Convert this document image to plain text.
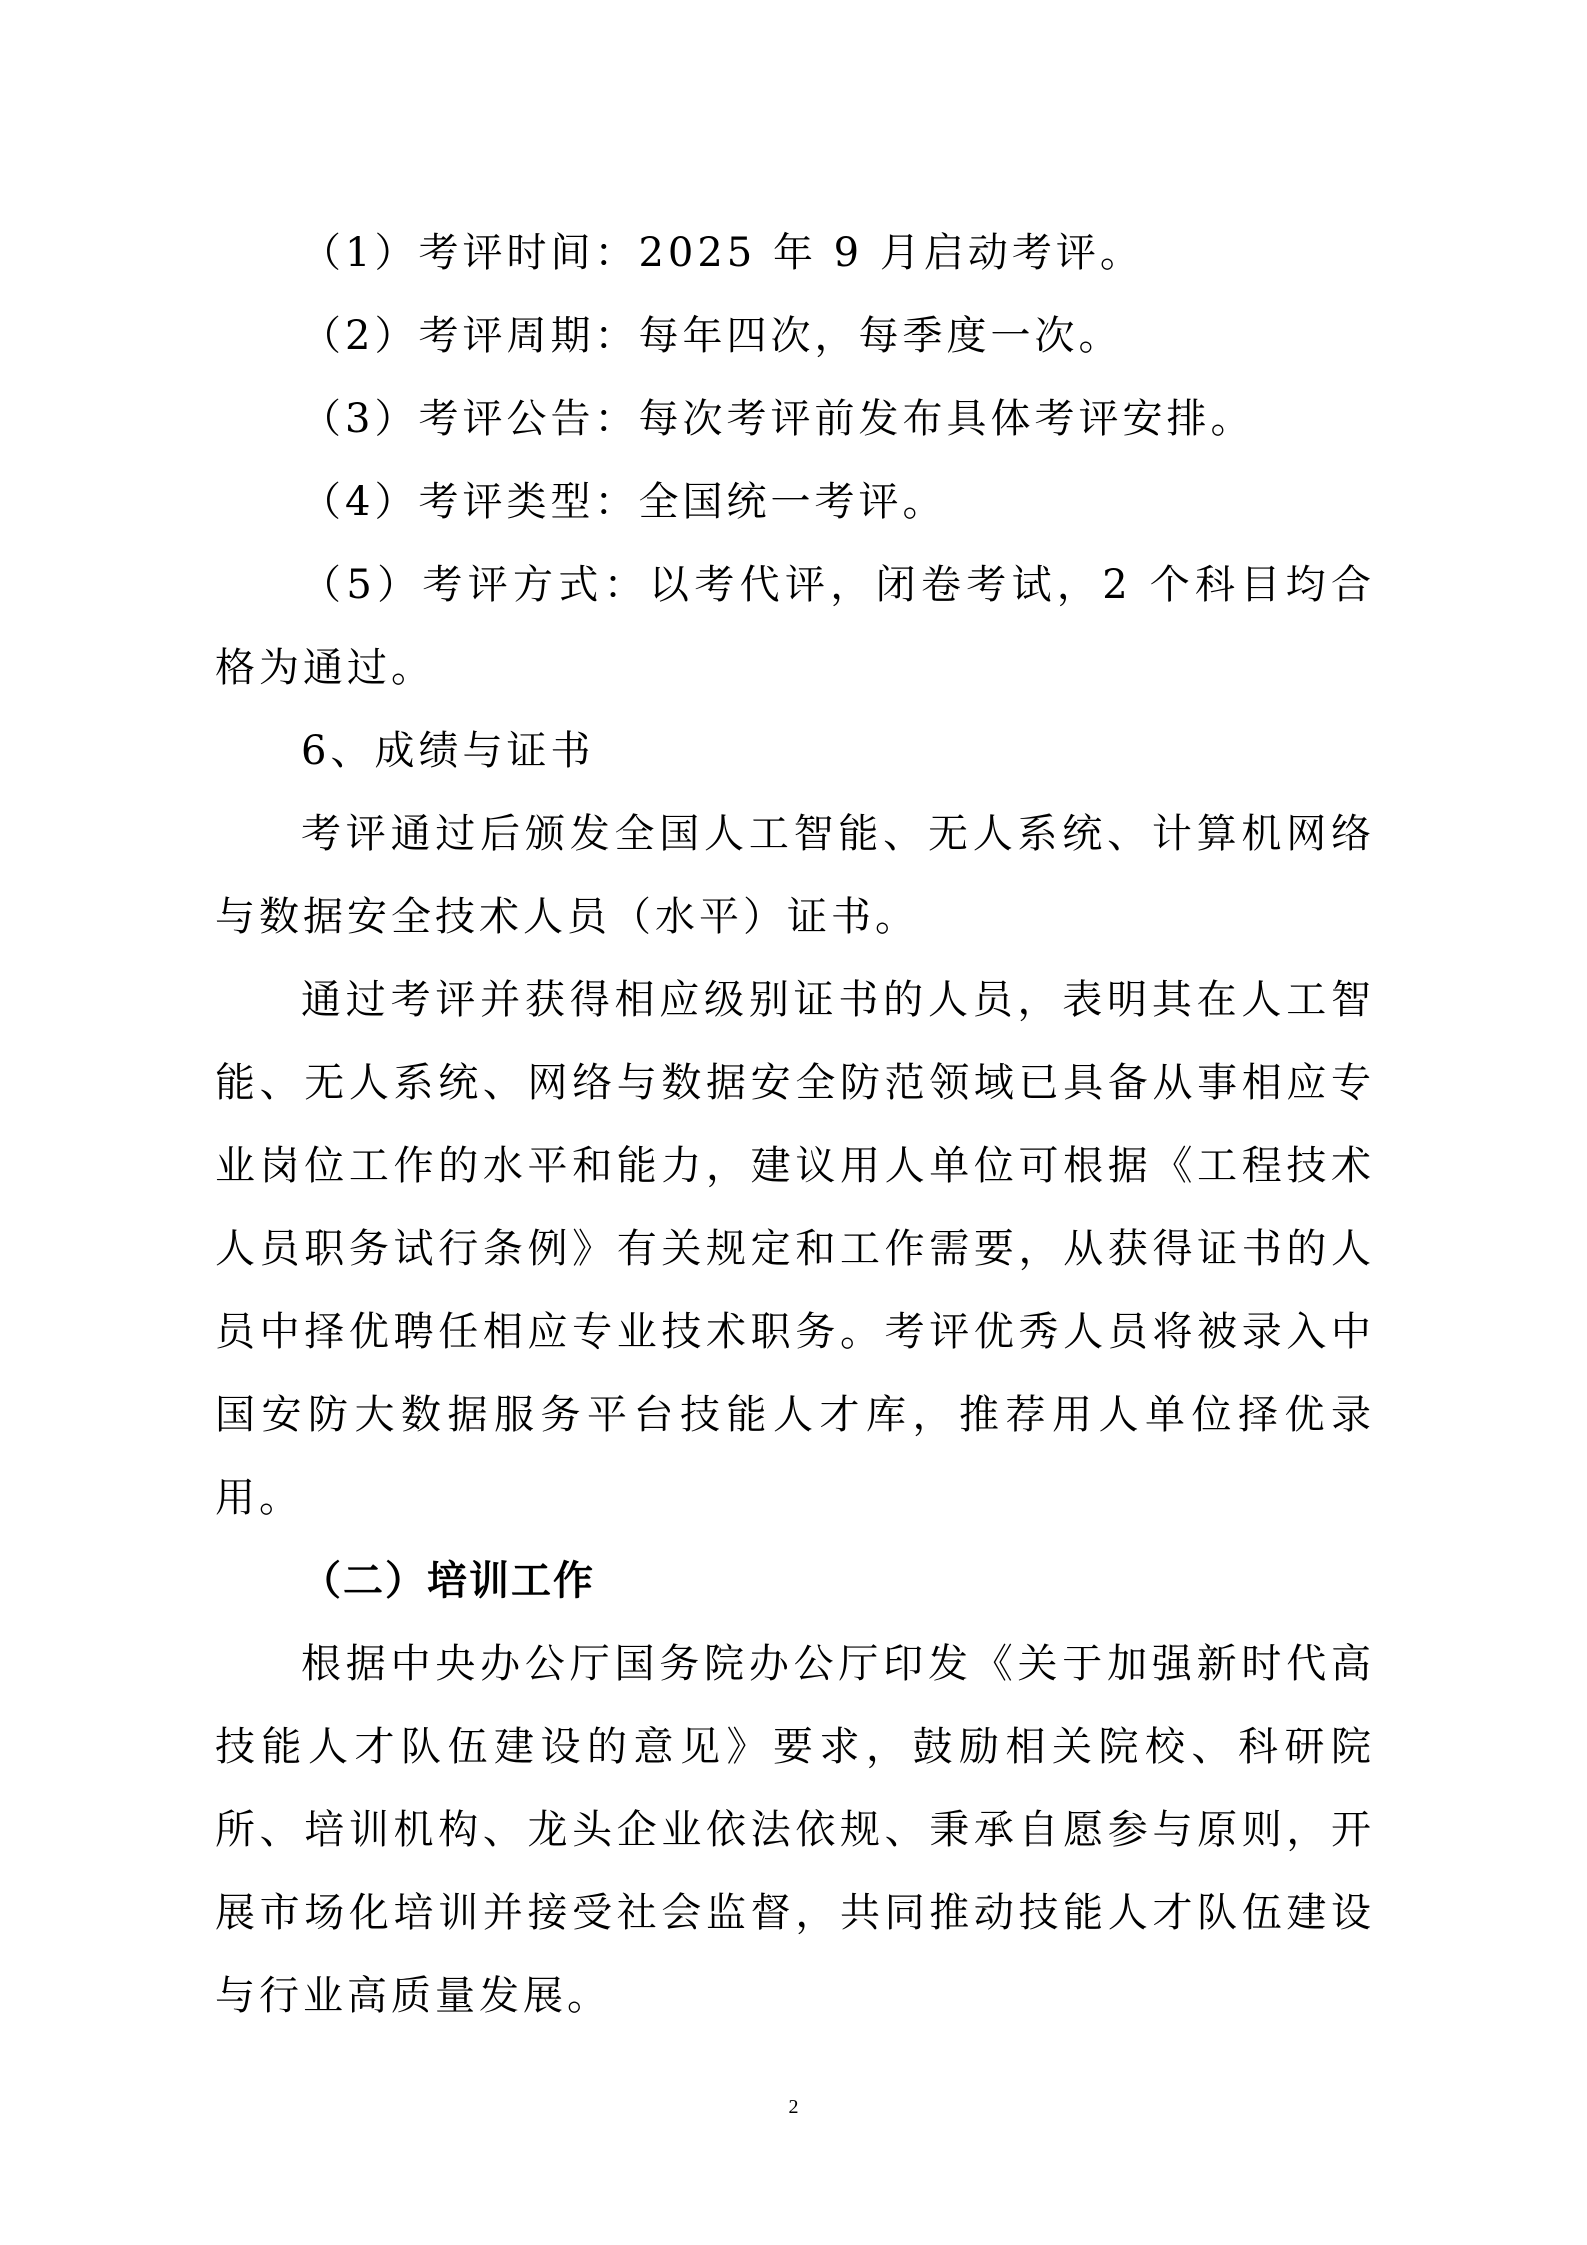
（1）考评时间：2025 年 9 月启动考评。

（2）考评周期：每年四次，每季度一次。

（3）考评公告：每次考评前发布具体考评安排。

（4）考评类型：全国统一考评。

（5）考评方式：以考代评，闭卷考试，2 个科目均合格为通过。

6、成绩与证书

考评通过后颁发全国人工智能、无人系统、计算机网络与数据安全技术人员（水平）证书。

通过考评并获得相应级别证书的人员，表明其在人工智能、无人系统、网络与数据安全防范领域已具备从事相应专业岗位工作的水平和能力，建议用人单位可根据《工程技术人员职务试行条例》有关规定和工作需要，从获得证书的人员中择优聘任相应专业技术职务。考评优秀人员将被录入中国安防大数据服务平台技能人才库，推荐用人单位择优录用。

（二）培训工作

根据中央办公厅国务院办公厅印发《关于加强新时代高技能人才队伍建设的意见》要求，鼓励相关院校、科研院所、培训机构、龙头企业依法依规、秉承自愿参与原则，开展市场化培训并接受社会监督，共同推动技能人才队伍建设与行业高质量发展。

2
